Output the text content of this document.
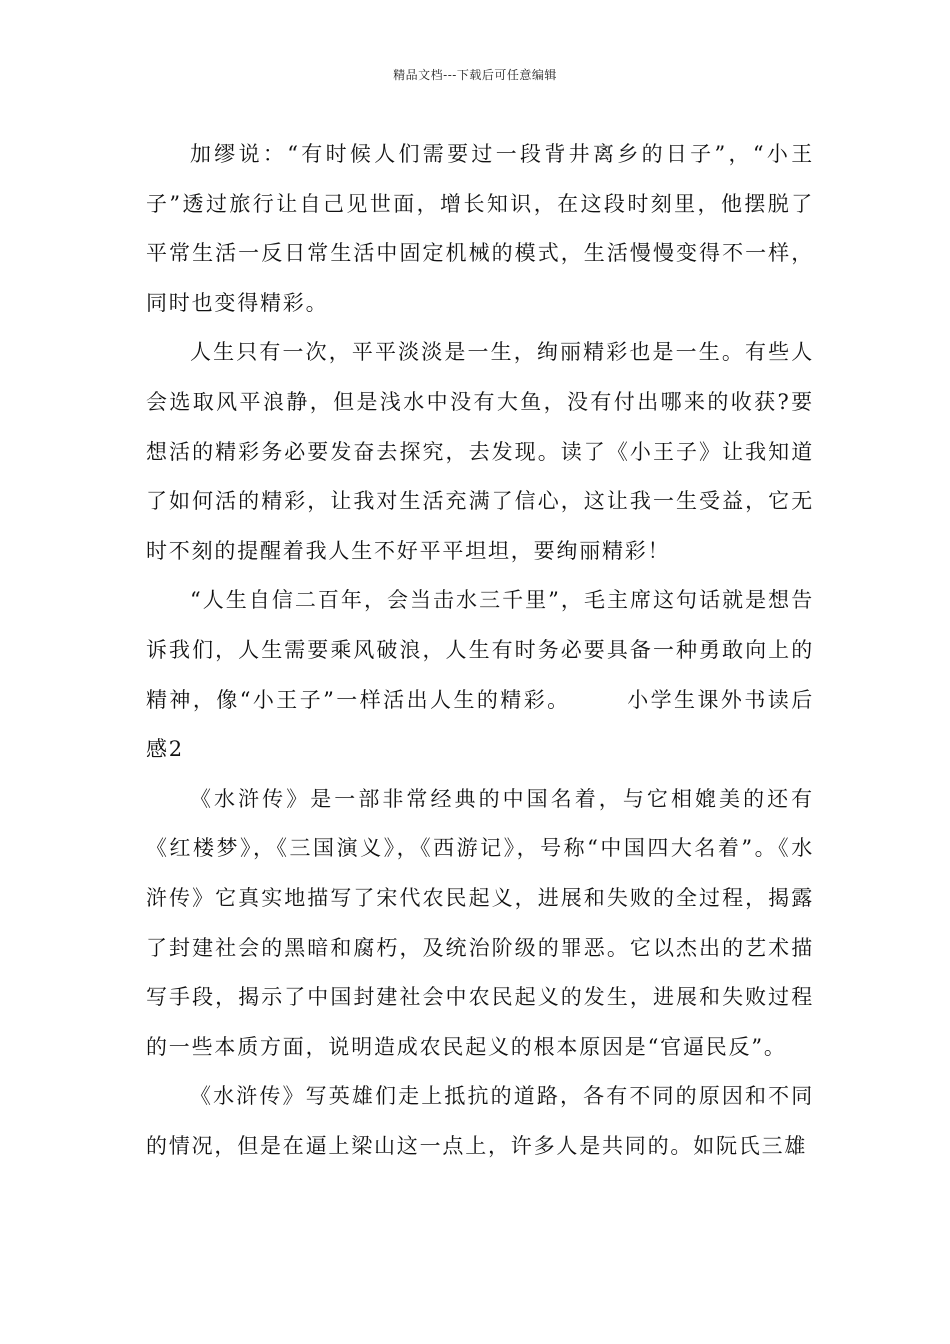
精品文档---下载后可任意编辑

加缪说：“有时候人们需要过一段背井离乡的日子”，“小王子”透过旅行让自己见世面，增长知识，在这段时刻里，他摆脱了平常生活一反日常生活中固定机械的模式，生活慢慢变得不一样，同时也变得精彩。

人生只有一次，平平淡淡是一生，绚丽精彩也是一生。有些人会选取风平浪静，但是浅水中没有大鱼，没有付出哪来的收获?要想活的精彩务必要发奋去探究，去发现。读了《小王子》让我知道了如何活的精彩，让我对生活充满了信心，这让我一生受益，它无时不刻的提醒着我人生不好平平坦坦，要绚丽精彩！

“人生自信二百年，会当击水三千里”，毛主席这句话就是想告诉我们，人生需要乘风破浪，人生有时务必要具备一种勇敢向上的精神，像“小王子”一样活出人生的精彩。	小学生课外书读后感2

《水浒传》是一部非常经典的中国名着，与它相媲美的还有《红楼梦》，《三国演义》，《西游记》，号称“中国四大名着”。《水浒传》它真实地描写了宋代农民起义，进展和失败的全过程，揭露了封建社会的黑暗和腐朽，及统治阶级的罪恶。它以杰出的艺术描写手段，揭示了中国封建社会中农民起义的发生，进展和失败过程的一些本质方面，说明造成农民起义的根本原因是“官逼民反”。

《水浒传》写英雄们走上抵抗的道路，各有不同的原因和不同的情况，但是在逼上梁山这一点上，许多人是共同的。如阮氏三雄
